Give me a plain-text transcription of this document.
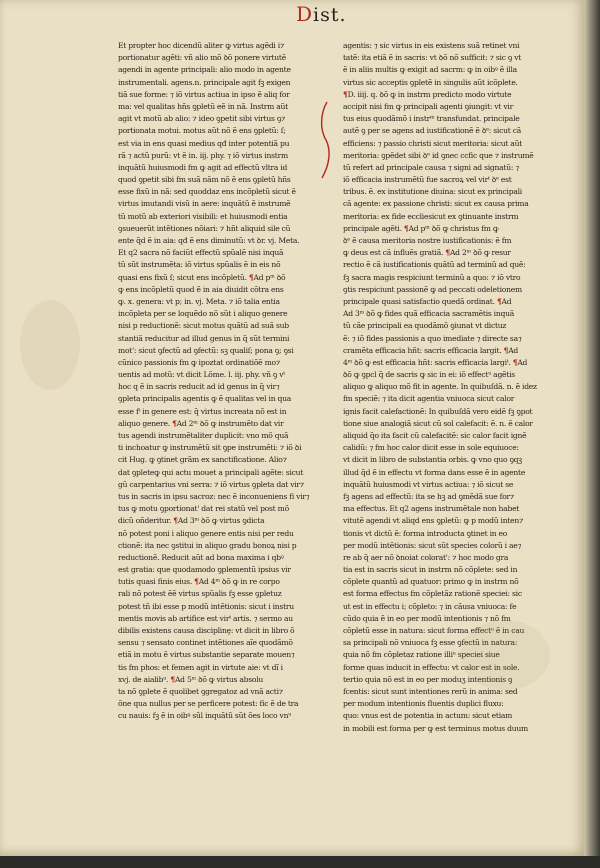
Dist.
Et propter hoc dicendũ aliter ꝙ virtus agẽdi i⁊
portionatur agẽti: vñ alio mõ ꝺõ ponere virtutẽ
agendi in agente principali: alio modo in agente
instrumentali. agens.n. principale agit fꝫ exigen
tiã sue forme: ⁊ iõ virtus actiua in ipso ẽ aliq for
ma: vel qualitas hñs ꝯpletũ eẽ in nã. Instrm aũt
agit vt motũ ab alio: ⁊ ideo ꝯpetit sibi virtus ꝯ⁊
portionata motui. motus aũt nõ ẽ ens ꝯpletũ: ſ;
est via in ens quasi medius qđ inter potentiã pu
rã ⁊ actũ purũ: vt ẽ in. iij. phy. ⁊ iõ virtus instrm
inquãtũ huiusmodi fm ꝙ agit ad effectũ vltra id
quod ꝯpetit sibi fm suã nãm nõ ẽ ens ꝯpletũ hñs
esse fixũ in nã: sed quoddaz ens incõpletũ sicut ẽ
virtus imutandi visũ in aere: inquãtũ ẽ instrumẽ
tũ motũ ab exteriori visibili: et huiusmodi entia
ꝯsueuerũt intẽtiones nõiari: ⁊ hñt aliquid sile cũ
ente q̃d ẽ in aia: qđ ẽ ens diminutũ: vt ꝺr. vj. Meta.
Et q2 sacra nõ faciũt effectũ spũalẽ nisi inquã
tũ sũt instrumẽta: iõ virtus spũalis ẽ in eis nõ
quasi ens fixũ ſ; sicut ens incõpletũ. ¶Ad pᵐ ꝺõ
ꝙ ens incõpletũ quod ẽ in aia diuidit cõtra ens
ꝙ. x. genera: vt p; in. vj. Meta. ⁊ iõ talia entia
incõpleta per se loquẽdo nõ sũt i aliquo genere
nisi p reductionẽ: sicut motus quãtũ ad suã sub
stantiã reducitur ad illud genus in q̃ sũt termini
mot': sicut ꝯfectũ ad ꝯfectũ: sꝫ qualiſ; pona ꝯ; ꝯsi
cũnico passionis fm ꝙ ipoztat ordinatiõẽ mo⁊
uentis ad motũ: vt dicit Lõme. l. iij. phy. vñ ꝯ vᵗ
hoc q ẽ in sacris reducit ad id genus in q̃ vir⁊
ꝯpleta principalis agentis ꝙ ẽ qualitas vel in qua
esse fᵗ in genere est: q̃ virtus increata nõ est in
aliquo genere. ¶Ad 2ᵐ ꝺõ ꝙ instrumẽto dat vir
tus agendi instrumẽtaliter duplicit: vno mõ quã
ti inchoatur ꝙ instrumẽtũ sit ꝯpe instrumẽti: ⁊ iõ ꝺi
cit Hug. ꝙ ꝯtinet grãm ex sanctificatione. Alio⁊
dat ꝯpleteꝙ qui actu mouet a principali agẽte: sicut
gũ carpentarius vni serra: ⁊ iõ virtus ꝯpleta dat vir⁊
tus in sacris in ipsu sacroz: nec ẽ inconueniens fi vir⁊
tus ꝙ motu ꝯportionat' dat rei statũ vel post mõ
dicũ oñderitur. ¶Ad 3ᵐ ꝺõ ꝙ virtus ꝯdicta
nõ potest poni i aliquo genere entis nisi per redu
ctionẽ: ita nec ꝯstitui in aliquo gradu bonoꝝ nisi p
reductionẽ. Reducit aũt ad bona maxima i qbꝰ
est gratia: que quodamodo ꝯplementũ ipsius vir
tutis quasi finis eius. ¶Ad 4ᵐ ꝺõ ꝙ in re corpo
rali nõ potest ẽẽ virtus spũalis fꝫ esse ꝯpletuz
potest tñ ibi esse p modũ intẽtionis: sicut i instru
mentis movis ab artifice est virᵗ artis. ⁊ sermo au
dibilis existens causa disciplinȩ: vt dicit in libro õ
sensu ⁊ sensato continet intẽtiones aĩe quodãmõ
etiã in motu ẽ virtus substantie separate mouen⁊
tis fm phos: et femen agit in virtute aie: vt dĩ i
xvj. de aialibᵘ. ¶Ad 5ᵐ ꝺõ ꝙ virtus absolu
ta nõ ꝯplete ẽ quolibet ꝯgregatoz ad vnã acti⁊
õne qua nullus per se perficere potest: fic ẽ de tra
cu nauis: fꝫ ẽ in oibꝰ sũl inquãtũ sũt ões loco vnᵘ
agentis: ⁊ sic virtus in eis existens suã retinet vni
tatẽ: ita etiã ẽ in sacris: vt ꝺõ nõ sufficit: ⁊ sic ꝯ vt
ẽ in aliis multis ꝙ exigit ad sacrm: ꝙ in oibꝰ ẽ illa
virtus sic acceptis ꝯpletẽ in singulis aũt icõplete.
¶D. iiij. q. ꝺõ ꝙ in instrm predicto modo virtute
accipit nisi fm ꝙ principali agenti ꝯiungit: vt vir
tus eius quodãmõ i instrᵐ transfundat. principale
autẽ ꝯ per se agens ad iustificationẽ ẽ ꝺᵉ: sicut cã
efficiens: ⁊ passio christi sicut meritoria: sicut aũt
meritoria: ꝯpẽdet sibi ꝺᵉ id ꝯnec ccfic que ⁊ instrumẽ
tũ refert ad principale causa ⁊ signi ad signatũ: ⁊
iõ efficacia instrumẽtũ fue sacroꝝ vel virᵗ ꝺᵉ est
tribus. ẽ. ex institutione diuina: sicut ex principali
cã agente: ex passione christi: sicut ex causa prima
meritoria: ex fide eccliesicut ex ꝯtinuante instrm
principale agẽti. ¶Ad pᵐ ꝺõ ꝙ christus fm ꝙ
ꝺᵉ ẽ causa meritoria nostre iustificationis: ẽ fm
ꝙ deus est cã influẽs gratiã. ¶Ad 2ᵐ ꝺõ ꝙ resur
rectio ẽ cã iustificationis quãtũ ad terminũ ad quẽ:
fꝫ sacra magis respiciunt terminũ a quo: ⁊ iõ vtro
ꝯtis respiciunt passionẽ ꝙ ad peccati odeletionem
principale quasi satisfactio quedã ordinat. ¶Ad
Ad 3ᵐ ꝺõ ꝙ fides quã efficacia sacramẽtis inquã
tũ cãe principali ea quodãmõ ꝯiunat vt dictuz
ẽ: ⁊ iõ fides passionis a quo imediate ⁊ directe sa⁊
cramẽta efficacia hñt: sacris efficacia largit. ¶Ad
4ᵐ ꝺõ ꝙ est efficacia hñt: sacris efficacia largiᵗ. ¶Ad
ꝺõ ꝙ ꝯpcl q̃ de sacris ꝙ sic in ei: iõ effectᵘ agẽtis
aliquo ꝙ aliquo mõ fit in agente. In quibuſdã. n. ẽ idez
fm speciẽ: ⁊ ita dicit agentia vniuoca sicut calor
ignis facit calefactionẽ: In quibuſdã vero eidẽ fꝫ ꝯpot
tione siue analogiã sicut cũ sol calefacit: ẽ. n. ẽ calor
aliquid q̃o ita facit cũ calefacitẽ: sic calor facit ignẽ
calidũ: ⁊ fm hoc calor dicit esse in sole equiuoce:
vt dicit in libro de substantia orbis. ꝙ vno quo ꝯqꝫ
illud q̃d ẽ in effectu vt forma dans esse ẽ in agente
inquãtũ huiusmodi vt virtus actiua: ⁊ iõ sicut se
fꝫ agens ad effectũ: ita se hꝫ ad ꝯmẽdã sue for⁊
ma effectus. Et q2 agens instrumẽtale non habet
vitutẽ agendi vt aliqd ens ꝯpletũ: ꝙ p modũ inten⁊
tionis vt dictũ ẽ: forma introducta ꝯtinet in eo
per modũ intẽtionis: sicut sũt species colorũ i ae⁊
re ab q̃ aer nõ ꝺnoiat colorat': ⁊ hoc modo gra
tia est in sacris sicut in instrm nõ cõplete: sed in
cõplete quantũ ad quatuor: primo ꝙ in instrm nõ
est forma effectus fm cõpletãz rationẽ speciei: sic
ut est in effectu i; cõpleto: ⁊ in cãusa vniuoca: fe
cũdo quia ẽ in eo per modũ intentionis ⁊ nõ fm
cõpletũ esse in natura: sicut forma effectᵘ ẽ in cau
sa principali nõ vniuoca fꝫ esse ꝯfectũ in natura:
quia nõ fm cõpletaz ratione illiᵘ speciei siue
forme quas inducit in effectu: vt calor est in sole.
tertio quia nõ est in eo per moduʒ intentionis ꝯ
fcentis: sicut sunt intentiones rerũ in anima: sed
per modum intentionis fluentis duplici fluxu:
quo: vnus est de potentia in actum: sicut etiam
in mobili est forma per ꝙ est terminus motus duum
